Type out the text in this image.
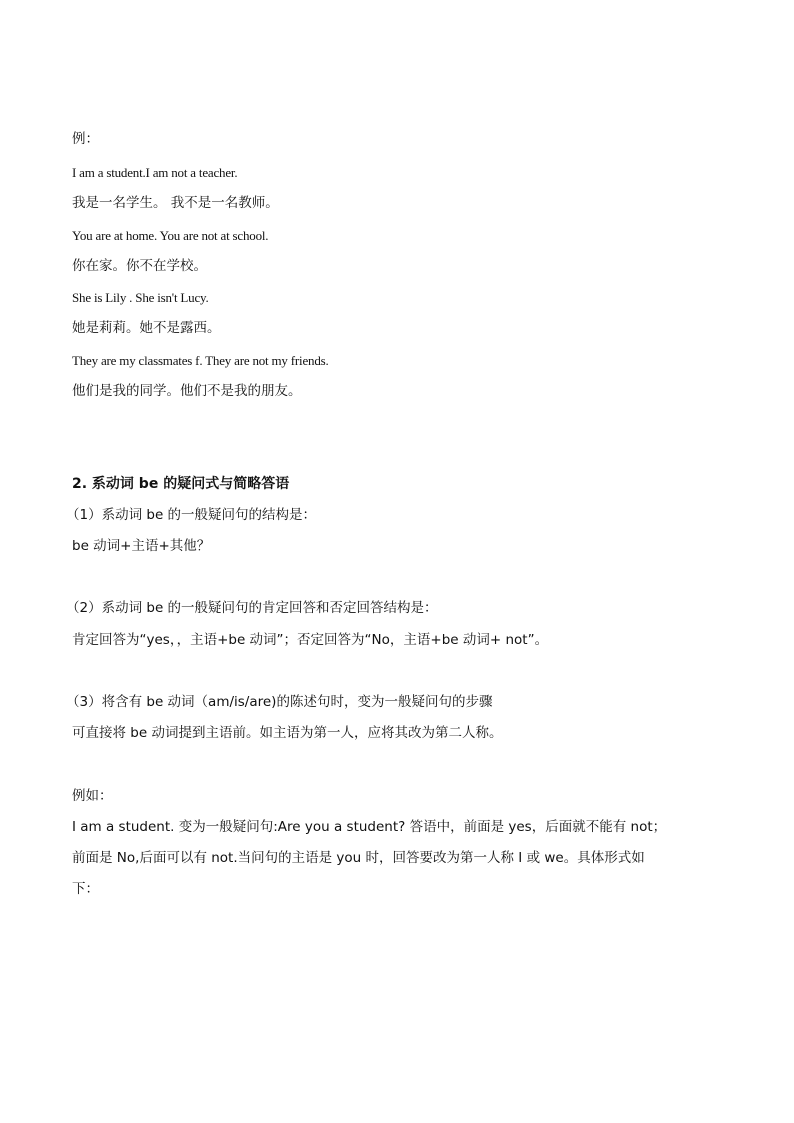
例：
I am a student.I am not a teacher.
我是一名学生。 我不是一名教师。
You are at home. You are not at school.
你在家。你不在学校。
She is Lily . She isn't Lucy.
她是莉莉。她不是露西。
They are my classmates f. They are not my friends.
他们是我的同学。他们不是我的朋友。
2. 系动词 be 的疑问式与简略答语
（1）系动词 be 的一般疑问句的结构是：
be 动词+主语+其他？
（2）系动词 be 的一般疑问句的肯定回答和否定回答结构是：
肯定回答为“yes，，主语+be 动词”；否定回答为“No，主语+be 动词+ not”。
（3）将含有 be 动词（am/is/are)的陈述句时，变为一般疑问句的步骤
可直接将 be 动词提到主语前。如主语为第一人，应将其改为第二人称。
例如：
I am a student. 变为一般疑问句:Are you a student? 答语中，前面是 yes，后面就不能有 not；
前面是 No,后面可以有 not.当问句的主语是 you 时，回答要改为第一人称 I 或 we。具体形式如
下：
